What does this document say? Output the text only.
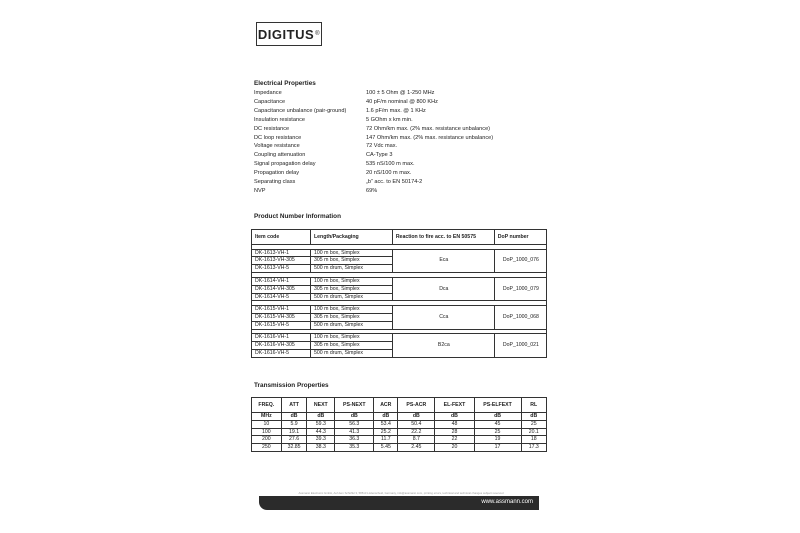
DIGITUS ®
Electrical Properties
Impedance	100 ± 5 Ohm @ 1-250 MHz
Capacitance	40 pF/m nominal @ 800 KHz
Capacitance unbalance (pair-ground)	1.6 pF/m max. @ 1 KHz
Insulation resistance	5 GOhm x km min.
DC resistance	72 Ohm/km max. (2% max. resistance unbalance)
DC loop resistance	147 Ohm/km max. (2% max. resistance unbalance)
Voltage resistance	72 Vdc max.
Coupling attenuation	CA-Type 3
Signal propagation delay	535 nS/100 m max.
Propagation delay	20 nS/100 m max.
Separating class	„b“ acc. to EN 50174-2
NVP	69%
Product Number Information
Item code	Length/Packaging	Reaction to fire acc. to EN 50575	DoP number

DK-1613-VH-1	100 m box, Simplex	Eca	DoP_1000_076
DK-1613-VH-305	305 m box, Simplex		
DK-1613-VH-5	500 m drum, Simplex		

DK-1614-VH-1	100 m box, Simplex	Dca	DoP_1000_079
DK-1614-VH-305	305 m box, Simplex		
DK-1614-VH-5	500 m drum, Simplex		

DK-1615-VH-1	100 m box, Simplex	Cca	DoP_1000_068
DK-1615-VH-305	305 m box, Simplex		
DK-1615-VH-5	500 m drum, Simplex		

DK-1616-VH-1	100 m box, Simplex	B2ca	DoP_1000_021
DK-1616-VH-305	305 m box, Simplex		
DK-1616-VH-5	500 m drum, Simplex		
Transmission Properties
FREQ.	ATT	NEXT	PS-NEXT	ACR	PS-ACR	EL-FEXT	PS-ELFEXT	RL
MHz	dB	dB	dB	dB	dB	dB	dB	dB
10	5.9	59.3	56.3	53.4	50.4	48	45	25
100	19.1	44.3	41.3	25.2	22.2	28	25	20.1
200	27.6	39.3	36.3	11.7	8.7	22	19	18
250	32.85	38.3	35.3	5.45	2.45	20	17	17.3
Assmann Electronic GmbH, Auf dem Schüffel 3, 58513 Lüdenscheid, Germany, info@assmann.com, printing errors, technical and technical changes subject reserved
www.assmann.com
